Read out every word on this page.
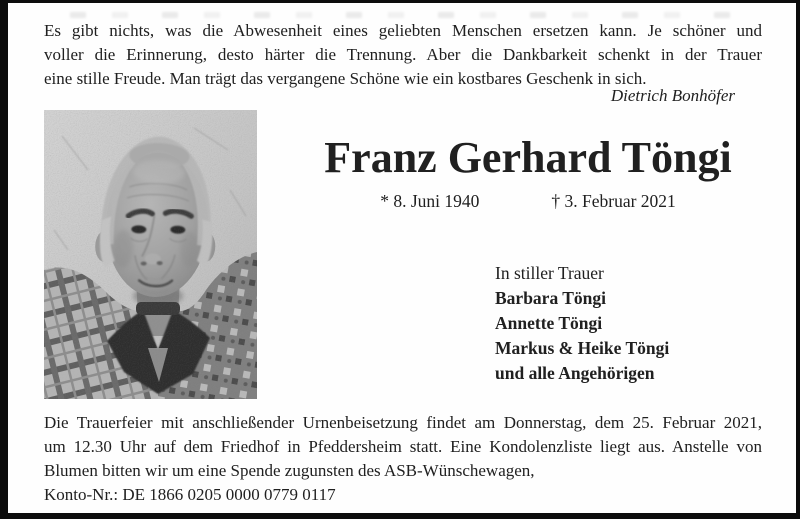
Es gibt nichts, was die Abwesenheit eines geliebten Menschen ersetzen kann. Je schöner und
voller die Erinnerung, desto härter die Trennung. Aber die Dankbarkeit schenkt in der Trauer
eine stille Freude. Man trägt das vergangene Schöne wie ein kostbares Geschenk in sich.
Dietrich Bonhöfer
Franz Gerhard Töngi
* 8. Juni 1940	† 3. Februar 2021
In stiller Trauer
Barbara Töngi
Annette Töngi
Markus & Heike Töngi
und alle Angehörigen
Die Trauerfeier mit anschließender Urnenbeisetzung findet am Donnerstag, dem 25. Februar 2021,
um 12.30 Uhr auf dem Friedhof in Pfeddersheim statt. Eine Kondolenzliste liegt aus. Anstelle von
Blumen bitten wir um eine Spende zugunsten des ASB-Wünschewagen,
Konto-Nr.: DE 1866 0205 0000 0779 0117
